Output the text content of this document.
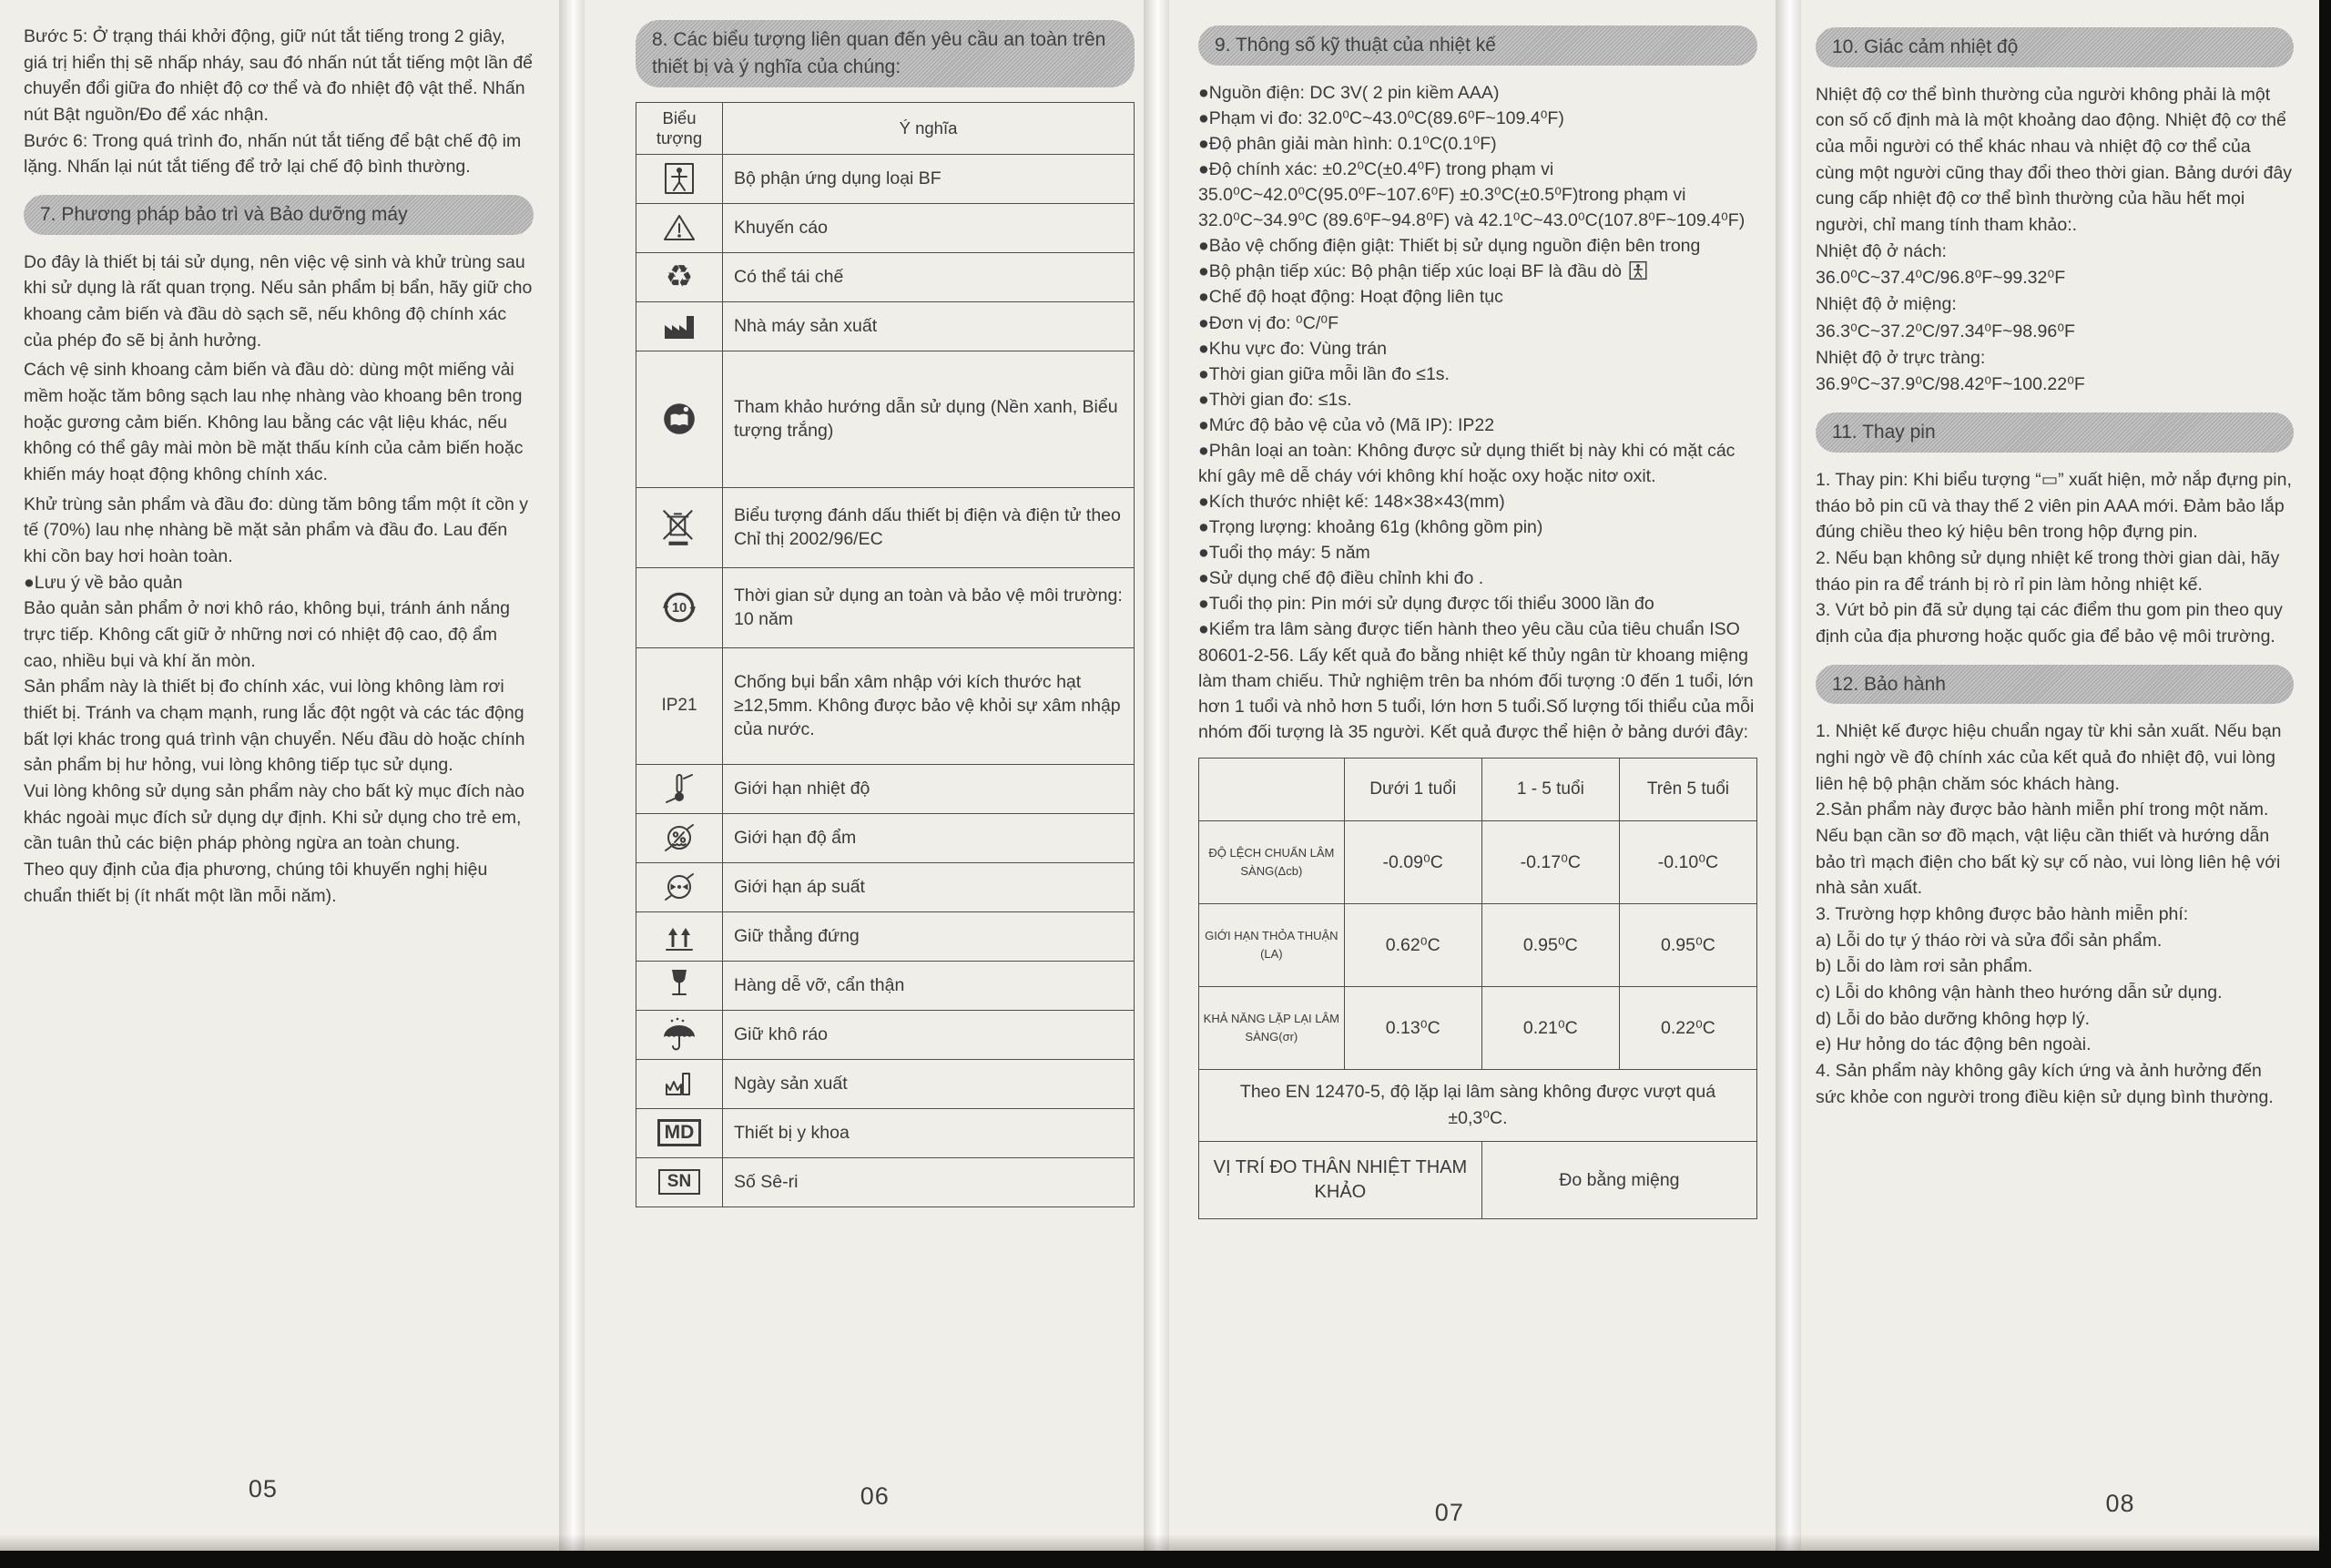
Bước 5: Ở trạng thái khởi động, giữ nút tắt tiếng trong 2 giây, giá trị hiển thị sẽ nhấp nháy, sau đó nhấn nút tắt tiếng một lần để chuyển đổi giữa đo nhiệt độ cơ thể và đo nhiệt độ vật thể. Nhấn nút Bật nguồn/Đo để xác nhận.

Bước 6: Trong quá trình đo, nhấn nút tắt tiếng để bật chế độ im lặng. Nhấn lại nút tắt tiếng để trở lại chế độ bình thường.

7. Phương pháp bảo trì và Bảo dưỡng máy

Do đây là thiết bị tái sử dụng, nên việc vệ sinh và khử trùng sau khi sử dụng là rất quan trọng. Nếu sản phẩm bị bẩn, hãy giữ cho khoang cảm biến và đầu dò sạch sẽ, nếu không độ chính xác của phép đo sẽ bị ảnh hưởng.

Cách vệ sinh khoang cảm biến và đầu dò: dùng một miếng vải mềm hoặc tăm bông sạch lau nhẹ nhàng vào khoang bên trong hoặc gương cảm biến. Không lau bằng các vật liệu khác, nếu không có thể gây mài mòn bề mặt thấu kính của cảm biến hoặc khiến máy hoạt động không chính xác.

Khử trùng sản phẩm và đầu đo: dùng tăm bông tẩm một ít cồn y tế (70%) lau nhẹ nhàng bề mặt sản phẩm và đầu đo. Lau đến khi cồn bay hơi hoàn toàn.

●Lưu ý về bảo quản

Bảo quản sản phẩm ở nơi khô ráo, không bụi, tránh ánh nắng trực tiếp. Không cất giữ ở những nơi có nhiệt độ cao, độ ẩm cao, nhiều bụi và khí ăn mòn.

Sản phẩm này là thiết bị đo chính xác, vui lòng không làm rơi thiết bị. Tránh va chạm mạnh, rung lắc đột ngột và các tác động bất lợi khác trong quá trình vận chuyển. Nếu đầu dò hoặc chính sản phẩm bị hư hỏng, vui lòng không tiếp tục sử dụng.

Vui lòng không sử dụng sản phẩm này cho bất kỳ mục đích nào khác ngoài mục đích sử dụng dự định. Khi sử dụng cho trẻ em, cần tuân thủ các biện pháp phòng ngừa an toàn chung.

Theo quy định của địa phương, chúng tôi khuyến nghị hiệu chuẩn thiết bị (ít nhất một lần mỗi năm).

05
8. Các biểu tượng liên quan đến yêu cầu an toàn trên thiết bị và ý nghĩa của chúng:
Biểu tượng	Ý nghĩa
	Bộ phận ứng dụng loại BF
	Khuyến cáo
♻	Có thể tái chế
	Nhà máy sản xuất
	Tham khảo hướng dẫn sử dụng (Nền xanh, Biểu tượng trắng)
	Biểu tượng đánh dấu thiết bị điện và điện tử theo Chỉ thị 2002/96/EC

10	Thời gian sử dụng an toàn và bảo vệ môi trường: 10 năm
IP21	Chống bụi bẩn xâm nhập với kích thước hạt ≥12,5mm. Không được bảo vệ khỏi sự xâm nhập của nước.
	Giới hạn nhiệt độ
	Giới hạn độ ẩm
	Giới hạn áp suất
	Giữ thẳng đứng
	Hàng dễ vỡ, cẩn thận
	Giữ khô ráo
	Ngày sản xuất
MD	Thiết bị y khoa
SN	Số Sê-ri
06
9. Thông số kỹ thuật của nhiệt kế

●Nguồn điện: DC 3V( 2 pin kiềm AAA)

●Phạm vi đo: 32.0⁰C~43.0⁰C(89.6⁰F~109.4⁰F)

●Độ phân giải màn hình: 0.1⁰C(0.1⁰F)

●Độ chính xác: ±0.2⁰C(±0.4⁰F) trong phạm vi 35.0⁰C~42.0⁰C(95.0⁰F~107.6⁰F) ±0.3⁰C(±0.5⁰F)trong phạm vi 32.0⁰C~34.9⁰C (89.6⁰F~94.8⁰F) và 42.1⁰C~43.0⁰C(107.8⁰F~109.4⁰F)

●Bảo vệ chống điện giật: Thiết bị sử dụng nguồn điện bên trong

●Bộ phận tiếp xúc: Bộ phận tiếp xúc loại BF là đầu dò

●Chế độ hoạt động: Hoạt động liên tục

●Đơn vị đo: ⁰C/⁰F

●Khu vực đo: Vùng trán

●Thời gian giữa mỗi lần đo ≤1s.

●Thời gian đo: ≤1s.

●Mức độ bảo vệ của vỏ (Mã IP): IP22

●Phân loại an toàn: Không được sử dụng thiết bị này khi có mặt các khí gây mê dễ cháy với không khí hoặc oxy hoặc nitơ oxit.

●Kích thước nhiệt kế: 148×38×43(mm)

●Trọng lượng: khoảng 61g (không gồm pin)

●Tuổi thọ máy: 5 năm

●Sử dụng chế độ điều chỉnh khi đo .

●Tuổi thọ pin: Pin mới sử dụng được tối thiểu 3000 lần đo

●Kiểm tra lâm sàng được tiến hành theo yêu cầu của tiêu chuẩn ISO 80601-2-56. Lấy kết quả đo bằng nhiệt kế thủy ngân từ khoang miệng làm tham chiếu. Thử nghiệm trên ba nhóm đối tượng :0 đến 1 tuổi, lớn hơn 1 tuổi và nhỏ hơn 5 tuổi, lớn hơn 5 tuổi.Số lượng tối thiểu của mỗi nhóm đối tượng là 35 người. Kết quả được thể hiện ở bảng dưới đây:

	Dưới 1 tuổi	1 - 5 tuổi	Trên 5 tuổi
ĐỘ LỆCH CHUẨN LÂM SÀNG(Δcb)	-0.09⁰C	-0.17⁰C	-0.10⁰C
GIỚI HẠN THỎA THUẬN (LA)	0.62⁰C	0.95⁰C	0.95⁰C
KHẢ NĂNG LẶP LẠI LÂM SÀNG(σr)	0.13⁰C	0.21⁰C	0.22⁰C
Theo EN 12470-5, độ lặp lại lâm sàng không được vượt quá ±0,3⁰C.			
VỊ TRÍ ĐO THÂN NHIỆT THAM KHẢO		Đo bằng miệng	
07
10. Giác cảm nhiệt độ

Nhiệt độ cơ thể bình thường của người không phải là một con số cố định mà là một khoảng dao động. Nhiệt độ cơ thể của mỗi người có thể khác nhau và nhiệt độ cơ thể của cùng một người cũng thay đổi theo thời gian. Bảng dưới đây cung cấp nhiệt độ cơ thể bình thường của hầu hết mọi người, chỉ mang tính tham khảo:.

Nhiệt độ ở nách:

36.0⁰C~37.4⁰C/96.8⁰F~99.32⁰F

Nhiệt độ ở miệng:

36.3⁰C~37.2⁰C/97.34⁰F~98.96⁰F

Nhiệt độ ở trực tràng:

36.9⁰C~37.9⁰C/98.42⁰F~100.22⁰F

11. Thay pin

1. Thay pin: Khi biểu tượng “▭” xuất hiện, mở nắp đựng pin, tháo bỏ pin cũ và thay thế 2 viên pin AAA mới. Đảm bảo lắp đúng chiều theo ký hiệu bên trong hộp đựng pin.

2. Nếu bạn không sử dụng nhiệt kế trong thời gian dài, hãy tháo pin ra để tránh bị rò rỉ pin làm hỏng nhiệt kế.

3. Vứt bỏ pin đã sử dụng tại các điểm thu gom pin theo quy định của địa phương hoặc quốc gia để bảo vệ môi trường.

12. Bảo hành

1. Nhiệt kế được hiệu chuẩn ngay từ khi sản xuất. Nếu bạn nghi ngờ về độ chính xác của kết quả đo nhiệt độ, vui lòng liên hệ bộ phận chăm sóc khách hàng.

2.Sản phẩm này được bảo hành miễn phí trong một năm. Nếu bạn cần sơ đồ mạch, vật liệu cần thiết và hướng dẫn bảo trì mạch điện cho bất kỳ sự cố nào, vui lòng liên hệ với nhà sản xuất.

3. Trường hợp không được bảo hành miễn phí:

a) Lỗi do tự ý tháo rời và sửa đổi sản phẩm.

b) Lỗi do làm rơi sản phẩm.

c) Lỗi do không vận hành theo hướng dẫn sử dụng.

d) Lỗi do bảo dưỡng không hợp lý.

e) Hư hỏng do tác động bên ngoài.

4. Sản phẩm này không gây kích ứng và ảnh hưởng đến sức khỏe con người trong điều kiện sử dụng bình thường.

08
